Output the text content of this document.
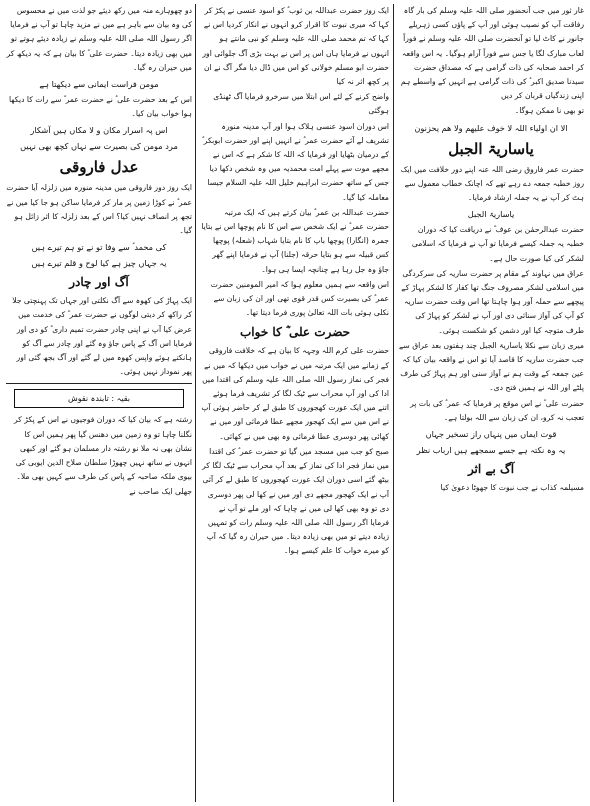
غار ثور میں جب آنحضور صلی اللہ علیہ وسلم کی بار گاہ رفاقت آپ کو نصیب ہوئی اور آپ کے پاؤں کسی زہریلے جانور نے کاٹ لیا تو آنحضرت صلی اللہ علیہ وسلم نے فوراً لعاب مبارک لگا یا جس سے فوراً آرام ہوگیا۔ یہ اس واقعہ کر احمد صحابہ کی ذات گرامی ہے کہ مصداق حضرت سیدنا صدیق اکبر ؓ کی ذات گرامی ہے انہیں کے واسطے ہم اپنی زندگیاں قربان کر دیں

تو بھی نا ممکن ہوگا۔

الا ان اولیاء اللہ لا خوف علیھم ولا ھم یحزنون

یاساریۃ الجبل

حضرت عمر فاروق رضی اللہ عنہ اپنے دور خلافت میں ایک روز خطبہ جمعہ دے رہے تھے کہ اچانک خطاب معمول سے ہٹ کر آپ نے یہ جملہ ارشاد فرمایا۔

یاساریۃ الجبل

حضرت عبدالرحمٰن بن عوف ؓ نے دریافت کیا کہ دوران خطبہ یہ جملہ کیسے فرمایا تو آپ نے فرمایا کہ اسلامی لشکر کی کیا صورت حال ہے۔

عراق میں نہاوند کے مقام پر حضرت ساریہ کی سرکردگی میں اسلامی لشکر مصروف جنگ تھا کفار کا لشکر پہاڑ کے پیچھے سے حملہ آور ہوا چاہتا تھا اس وقت حضرت ساریہ کو آپ کی آواز سنائی دی اور آپ نے لشکر کو پہاڑ کی طرف متوجہ کیا اور دشمن کو شکست ہوئی۔

میری زبان سے نکلا یاساریۃ الجبل چند ہفتوں بعد عراق سے جب حضرت ساریہ کا قاصد آیا تو اس نے واقعہ بیان کیا کہ عین جمعہ کے وقت ہم نے آواز سنی اور ہم پہاڑ کی طرف پلٹے اور اللہ نے ہمیں فتح دی۔

حضرت علی ؓ نے اس موقع پر فرمایا کہ عمر ؓ کی بات پر تعجب نہ کرو، ان کی زبان سے اللہ بولتا ہے۔

قوت ایماں میں پنہاں راز تسخیر جہاں

یہ وہ نکتہ ہے جسے سمجھے ہیں ارباب نظر

آگ بے اثر

مسیلمہ کذاب نے جب نبوت کا جھوٹا دعویٰ کیا

ایک روز حضرت عبداللہ بن ثوب ؓ کو اسود عنسی نے پکڑ کر کہا کہ میری نبوت کا اقرار کرو انہوں نے انکار کردیا اس نے کہا کہ تم محمد صلی اللہ علیہ وسلم کو نبی مانتے ہو انہوں نے فرمایا ہاں اس پر اس نے بہت بڑی آگ جلوائی اور حضرت ابو مسلم خولانی کو اس میں ڈال دیا مگر آگ نے ان پر کچھ اثر نہ کیا

واضح کرنے کے لئے اس ابتلا میں سرخرو فرمایا آگ ٹھنڈی ہوگئی

اس دوران اسود عنسی ہلاک ہوا اور آپ مدینہ منورہ تشریف لے آئے حضرت عمر ؓ نے انہیں اپنے اور حضرت ابوبکر ؓ کے درمیان بٹھایا اور فرمایا کہ اللہ کا شکر ہے کہ اس نے مجھے موت سے پہلے امت محمدیہ میں وہ شخص دکھا دیا جس کے ساتھ حضرت ابراہیم خلیل اللہ علیہ السلام جیسا معاملہ کیا گیا۔

حضرت عبداللہ بن عمر ؓ بیان کرتے ہیں کہ ایک مرتبہ حضرت عمر ؓ نے ایک شخص سے اس کا نام پوچھا اس نے بتایا جمرہ (انگارا) پوچھا باپ کا نام بتایا شہاب (شعلہ) پوچھا کس قبیلہ سے ہو بتایا حرقہ (جلنا) آپ نے فرمایا اپنے گھر جاؤ وہ جل رہا ہے چنانچہ ایسا ہی ہوا۔

اس واقعہ سے ہمیں معلوم ہوا کہ امیر المومنین حضرت عمر ؓ کی بصیرت کس قدر قوی تھی اور ان کی زبان سے نکلی ہوئی بات اللہ تعالیٰ پوری فرما دیتا تھا۔

حضرت علی ؓ کا خواب

حضرت علی کرم اللہ وجہہ کا بیان ہے کہ خلافت فاروقی کے زمانے میں ایک مرتبہ میں نے خواب میں دیکھا کہ میں نے فجر کی نماز رسول اللہ صلی اللہ علیہ وسلم کی اقتدا میں ادا کی اور آپ محراب سے ٹیک لگا کر تشریف فرما ہوئے اتنے میں ایک عورت کھجوروں کا طبق لے کر حاضر ہوئی آپ نے اس میں سے ایک کھجور مجھے عطا فرمائی اور میں نے کھائی پھر دوسری عطا فرمائی وہ بھی میں نے کھائی۔

صبح کو جب میں مسجد میں گیا تو حضرت عمر ؓ کی اقتدا میں نماز فجر ادا کی نماز کے بعد آپ محراب سے ٹیک لگا کر بیٹھ گئے اسی دوران ایک عورت کھجوروں کا طبق لے کر آئی آپ نے ایک کھجور مجھے دی اور میں نے کھا لی پھر دوسری دی تو وہ بھی کھا لی میں نے چاہا کہ اور ملے تو آپ نے فرمایا اگر رسول اللہ صلی اللہ علیہ وسلم رات کو تمہیں زیادہ دیتے تو میں بھی زیادہ دیتا۔ میں حیران رہ گیا کہ آپ کو میرے خواب کا علم کیسے ہوا۔

دو چھوہارے منہ میں رکھ دیئے جو لذت میں نے محسوس کی وہ بیان سے باہر ہے میں نے مزید چاہا تو آپ نے فرمایا اگر رسول اللہ صلی اللہ علیہ وسلم نے زیادہ دیئے ہوتے تو میں بھی زیادہ دیتا۔ حضرت علی ؓ کا بیان ہے کہ یہ دیکھ کر میں حیران رہ گیا۔

مومن فراست ایمانی سے دیکھتا ہے

اس کے بعد حضرت علی ؓ نے حضرت عمر ؓ سے رات کا دیکھا ہوا خواب بیان کیا۔

اس پہ اسرار مکان و لا مکاں ہیں آشکار

مرد مومن کی بصیرت سے نہاں کچھ بھی نہیں

عدل فاروقی

ایک روز دور فاروقی میں مدینہ منورہ میں زلزلہ آیا حضرت عمر ؓ نے کوڑا زمین پر مار کر فرمایا ساکن ہو جا کیا میں نے تجھ پر انصاف نہیں کیا؟ اس کے بعد زلزلہ کا اثر زائل ہو گیا۔

کی محمد ؐ سے وفا تو نے تو ہم تیرے ہیں

یہ جہاں چیز ہے کیا لوح و قلم تیرے ہیں

آگ اور چادر

ایک پہاڑ کی کھوہ سے آگ نکلتی اور جہاں تک پہنچتی جلا کر راکھ کر دیتی لوگوں نے حضرت عمر ؓ کی خدمت میں عرض کیا آپ نے اپنی چادر حضرت تمیم داری ؓ کو دی اور فرمایا اس آگ کے پاس جاؤ وہ گئے اور چادر سے آگ کو ہانکتے ہوئے واپس کھوہ میں لے گئے اور آگ بجھ گئی اور پھر نمودار نہیں ہوئی۔

بقیہ : تابندہ نقوش

رشتہ ہے کہ بیان کیا کہ دوران فوجیوں نے اس کے پکڑ کر نگلنا چاہا تو وہ زمین میں دھنس گیا پھر ہمیں اس کا نشان بھی نہ ملا نو رشتہ دار مسلمان ہو گئے اور کبھی انہوں نے ساتھ نہیں چھوڑا سلطان صلاح الدین ایوبی کی بیوی ملکہ صاحبہ کے پاس کی طرف سے کہیں بھی ملا۔

جھلی ایک صاحب نے
